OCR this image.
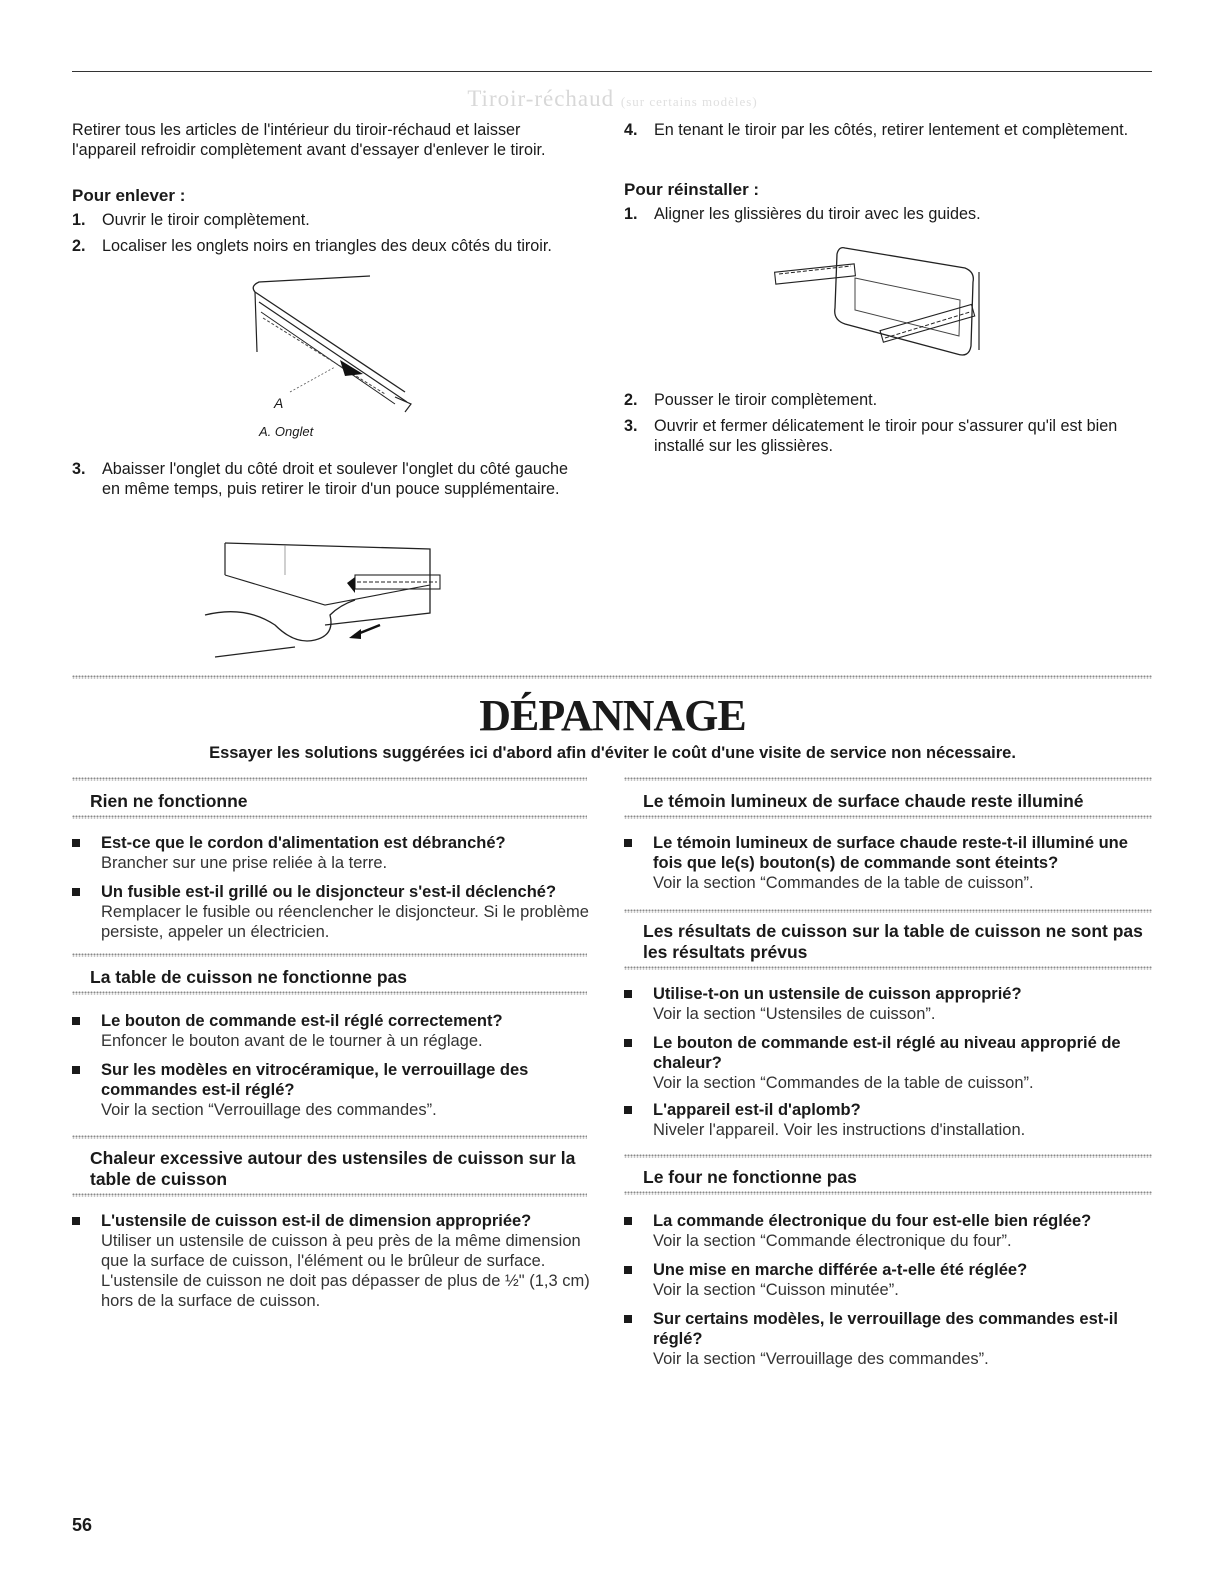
Tiroir-réchaud (sur certains modèles)
Retirer tous les articles de l'intérieur du tiroir-réchaud et laisser l'appareil refroidir complètement avant d'essayer d'enlever le tiroir.
Pour enlever :
1. Ouvrir le tiroir complètement.
2. Localiser les onglets noirs en triangles des deux côtés du tiroir.
A
A. Onglet
3. Abaisser l'onglet du côté droit et soulever l'onglet du côté gauche en même temps, puis retirer le tiroir d'un pouce supplémentaire.
4. En tenant le tiroir par les côtés, retirer lentement et complètement.
Pour réinstaller :
1. Aligner les glissières du tiroir avec les guides.
2. Pousser le tiroir complètement.
3. Ouvrir et fermer délicatement le tiroir pour s'assurer qu'il est bien installé sur les glissières.
DÉPANNAGE
Essayer les solutions suggérées ici d'abord afin d'éviter le coût d'une visite de service non nécessaire.
Rien ne fonctionne
Est-ce que le cordon d'alimentation est débranché?
Brancher sur une prise reliée à la terre.
Un fusible est-il grillé ou le disjoncteur s'est-il déclenché?
Remplacer le fusible ou réenclencher le disjoncteur. Si le problème persiste, appeler un électricien.
La table de cuisson ne fonctionne pas
Le bouton de commande est-il réglé correctement?
Enfoncer le bouton avant de le tourner à un réglage.
Sur les modèles en vitrocéramique, le verrouillage des commandes est-il réglé?
Voir la section “Verrouillage des commandes”.
Chaleur excessive autour des ustensiles de cuisson sur la table de cuisson
L'ustensile de cuisson est-il de dimension appropriée?
Utiliser un ustensile de cuisson à peu près de la même dimension que la surface de cuisson, l'élément ou le brûleur de surface. L'ustensile de cuisson ne doit pas dépasser de plus de ½" (1,3 cm) hors de la surface de cuisson.
Le témoin lumineux de surface chaude reste illuminé
Le témoin lumineux de surface chaude reste-t-il illuminé une fois que le(s) bouton(s) de commande sont éteints?
Voir la section “Commandes de la table de cuisson”.
Les résultats de cuisson sur la table de cuisson ne sont pas les résultats prévus
Utilise-t-on un ustensile de cuisson approprié?
Voir la section “Ustensiles de cuisson”.
Le bouton de commande est-il réglé au niveau approprié de chaleur?
Voir la section “Commandes de la table de cuisson”.
L'appareil est-il d'aplomb?
Niveler l'appareil. Voir les instructions d'installation.
Le four ne fonctionne pas
La commande électronique du four est-elle bien réglée?
Voir la section “Commande électronique du four”.
Une mise en marche différée a-t-elle été réglée?
Voir la section “Cuisson minutée”.
Sur certains modèles, le verrouillage des commandes est-il réglé?
Voir la section “Verrouillage des commandes”.
56
